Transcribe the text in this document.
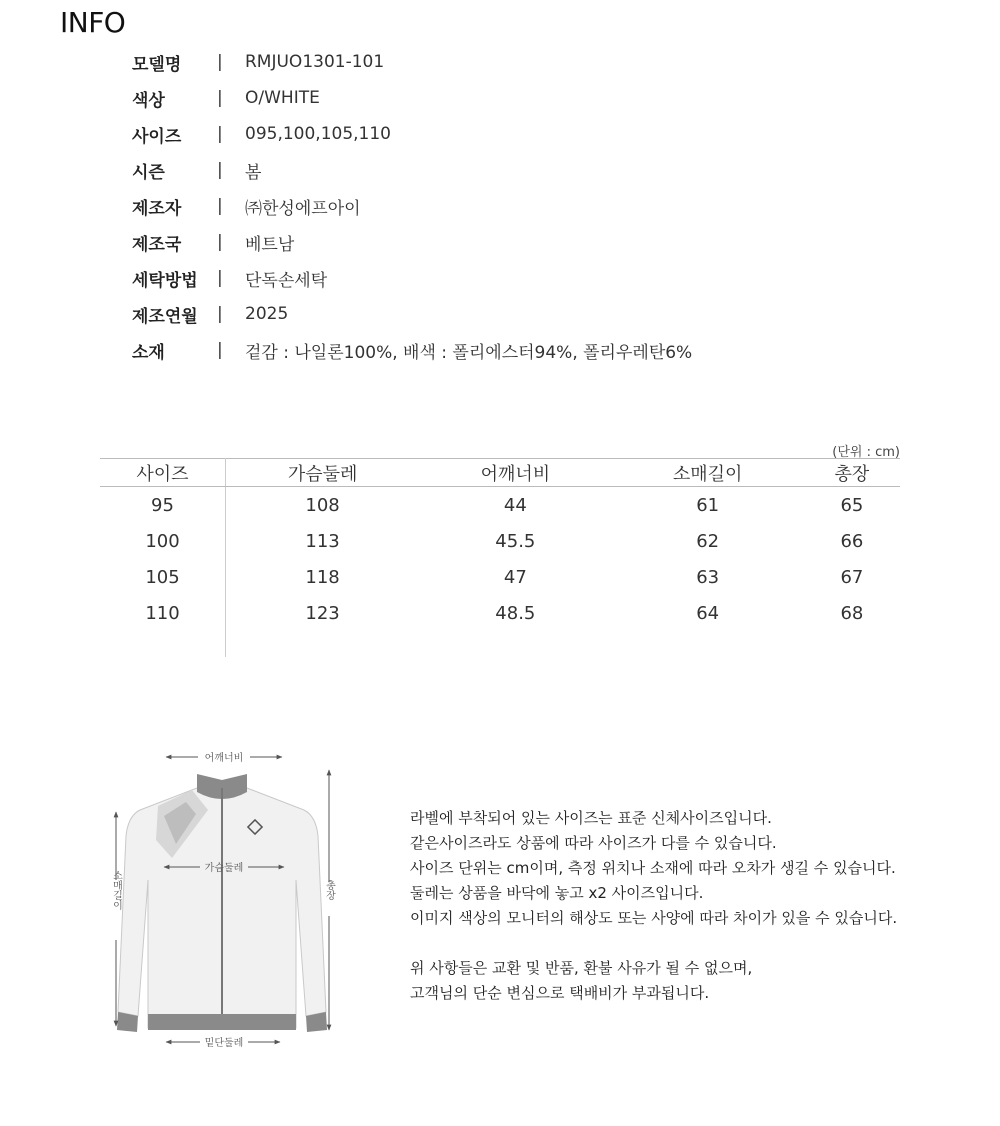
INFO
모델명	|	RMJUO1301-101
색상	|	O/WHITE
사이즈	|	095,100,105,110
시즌	|	봄
제조자	|	㈜한성에프아이
제조국	|	베트남
세탁방법	|	단독손세탁
제조연월	|	2025
소재	|	겉감 : 나일론100%, 배색 : 폴리에스터94%, 폴리우레탄6%
(단위 : cm)
사이즈	가슴둘레	어깨너비	소매길이	총장
95	108	44	61	65
100	113	45.5	62	66
105	118	47	63	67
110	123	48.5	64	68

어깨너비
가슴둘레
소매길이	총장
밑단둘레

라벨에 부착되어 있는 사이즈는 표준 신체사이즈입니다.

같은사이즈라도 상품에 따라 사이즈가 다를 수 있습니다.

사이즈 단위는 cm이며, 측정 위치나 소재에 따라 오차가 생길 수 있습니다.

둘레는 상품을 바닥에 놓고 x2 사이즈입니다.

이미지 색상의 모니터의 해상도 또는 사양에 따라 차이가 있을 수 있습니다.

위 사항들은 교환 및 반품, 환불 사유가 될 수 없으며,

고객님의 단순 변심으로 택배비가 부과됩니다.
